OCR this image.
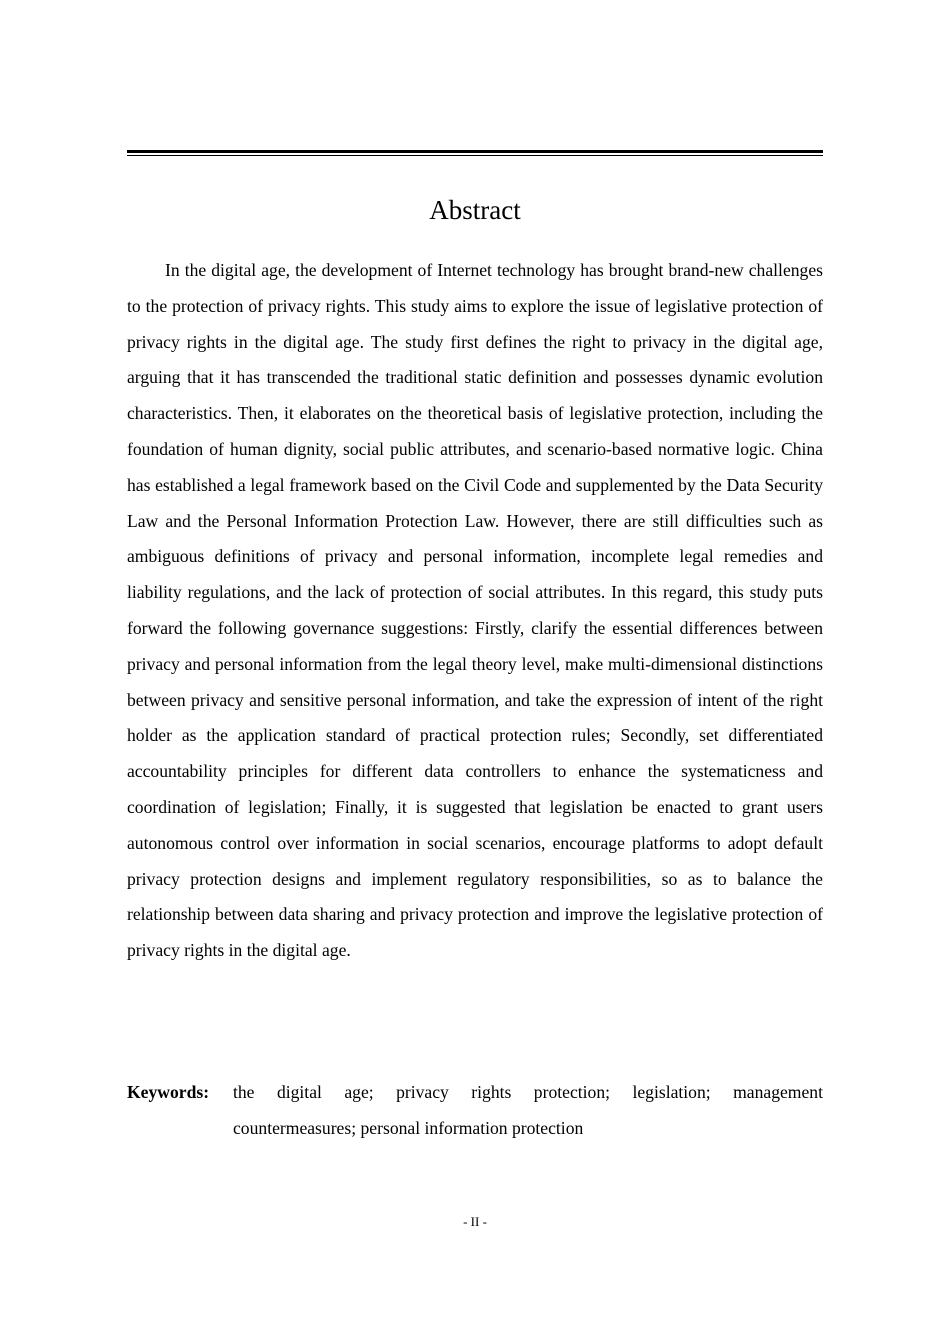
Abstract

In the digital age, the development of Internet technology has brought brand-new challenges to the protection of privacy rights. This study aims to explore the issue of legislative protection of privacy rights in the digital age. The study first defines the right to privacy in the digital age, arguing that it has transcended the traditional static definition and possesses dynamic evolution characteristics. Then, it elaborates on the theoretical basis of legislative protection, including the foundation of human dignity, social public attributes, and scenario-based normative logic. China has established a legal framework based on the Civil Code and supplemented by the Data Security Law and the Personal Information Protection Law. However, there are still difficulties such as ambiguous definitions of privacy and personal information, incomplete legal remedies and liability regulations, and the lack of protection of social attributes. In this regard, this study puts forward the following governance suggestions: Firstly, clarify the essential differences between privacy and personal information from the legal theory level, make multi-dimensional distinctions between privacy and sensitive personal information, and take the expression of intent of the right holder as the application standard of practical protection rules; Secondly, set differentiated accountability principles for different data controllers to enhance the systematicness and coordination of legislation; Finally, it is suggested that legislation be enacted to grant users autonomous control over information in social scenarios, encourage platforms to adopt default privacy protection designs and implement regulatory responsibilities, so as to balance the relationship between data sharing and privacy protection and improve the legislative protection of privacy rights in the digital age.

Keywords: the digital age; privacy rights protection; legislation; management countermeasures; personal information protection

- II -
